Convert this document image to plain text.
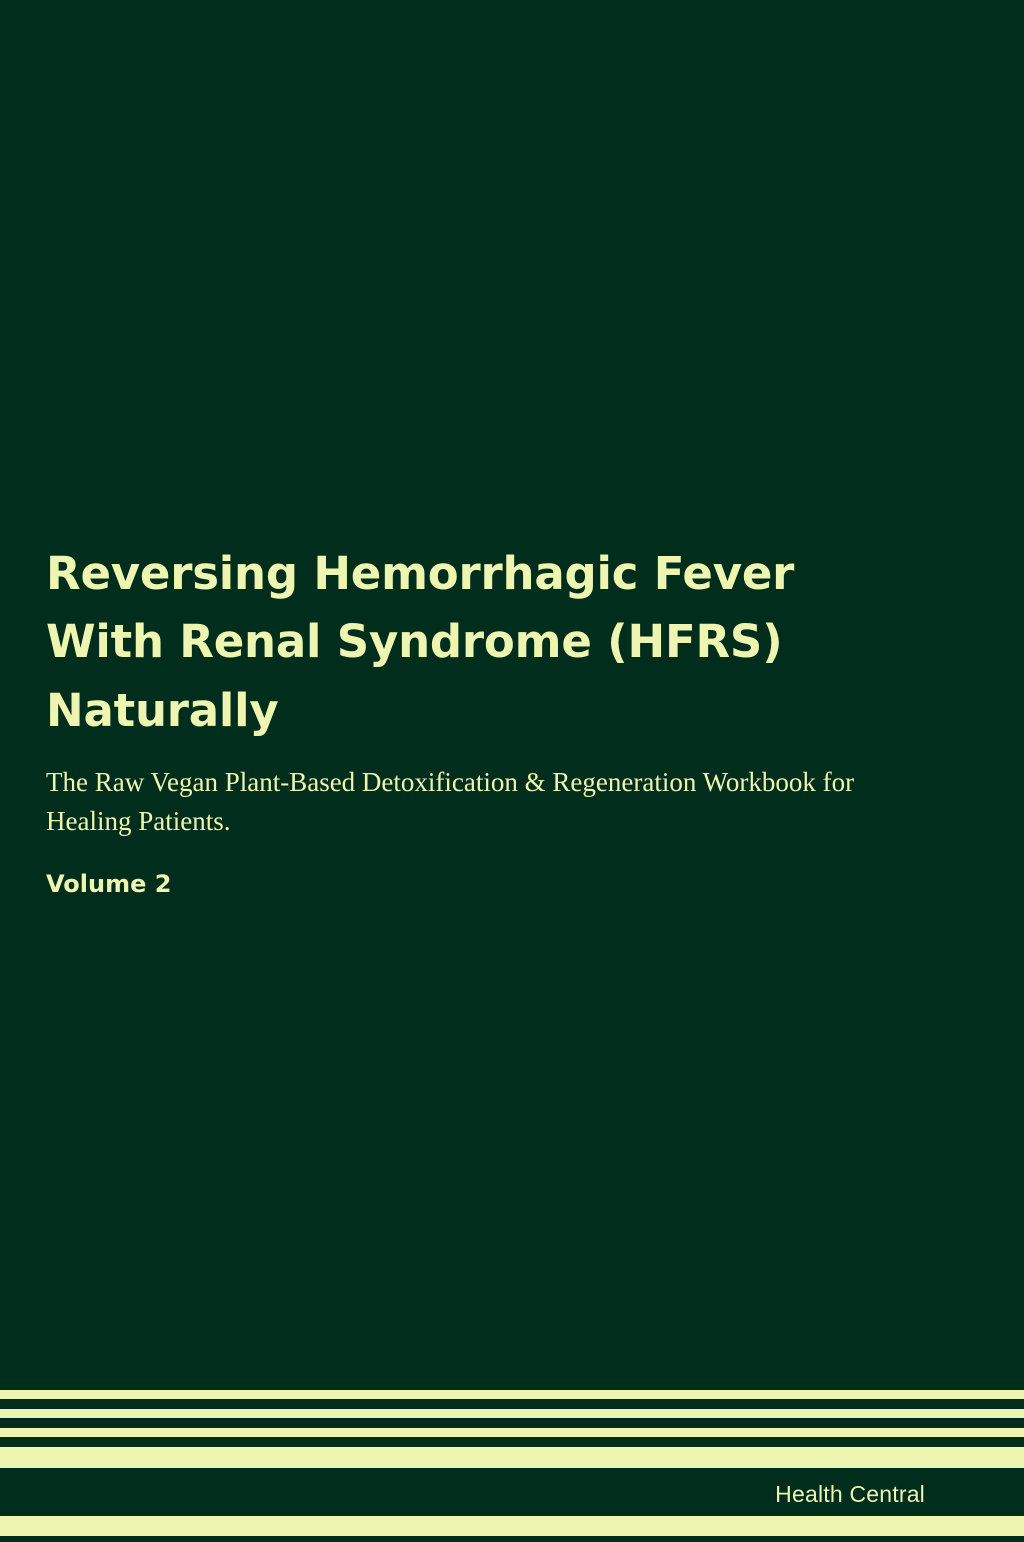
Reversing Hemorrhagic Fever With Renal Syndrome (HFRS) Naturally

The Raw Vegan Plant-Based Detoxification & Regeneration Workbook for Healing Patients.

Volume 2

Health Central
